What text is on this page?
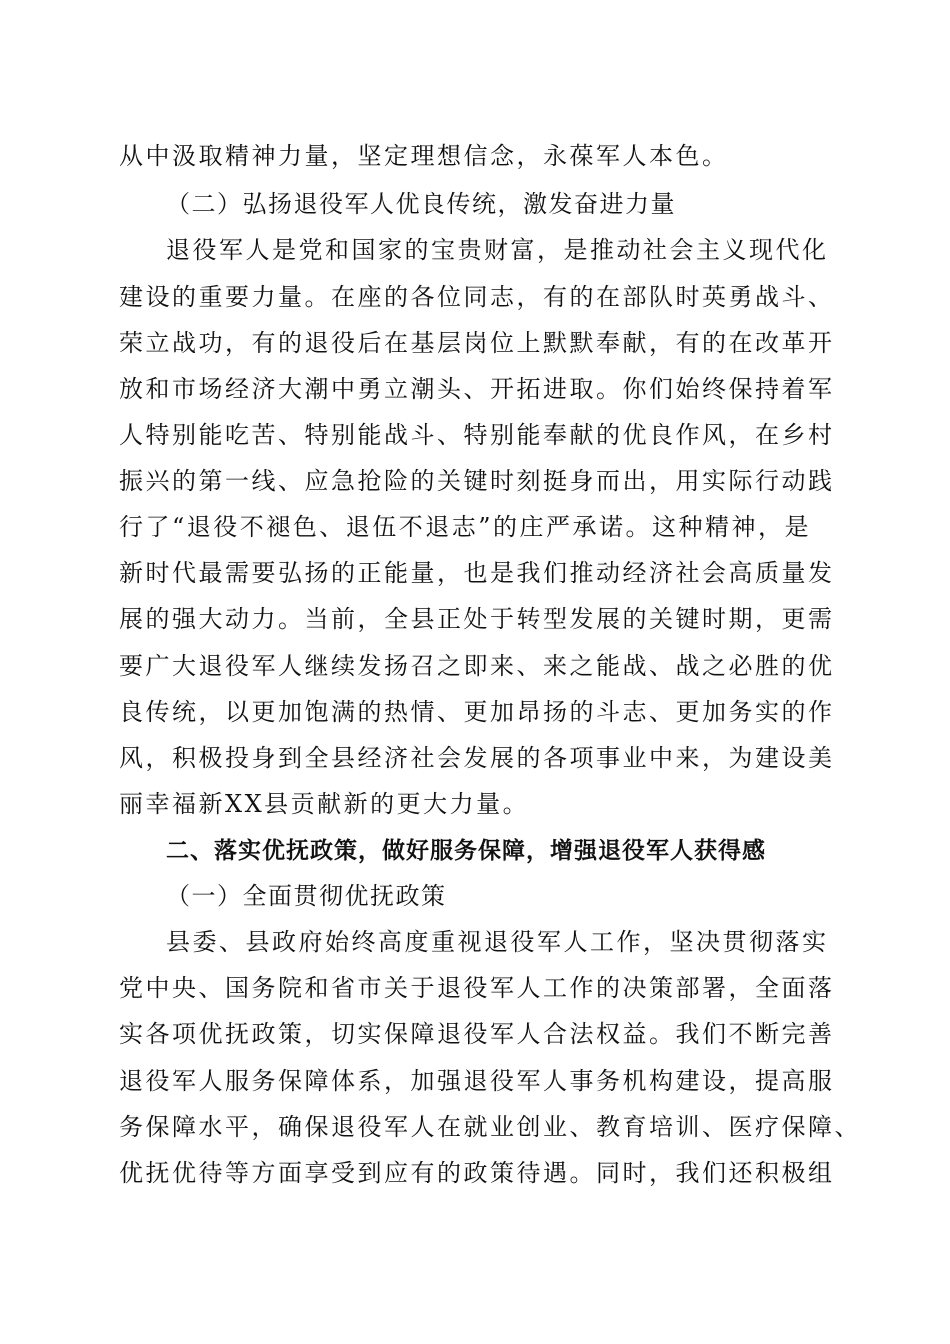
从中汲取精神力量，坚定理想信念，永葆军人本色。
（二）弘扬退役军人优良传统，激发奋进力量
退役军人是党和国家的宝贵财富，是推动社会主义现代化
建设的重要力量。在座的各位同志，有的在部队时英勇战斗、
荣立战功，有的退役后在基层岗位上默默奉献，有的在改革开
放和市场经济大潮中勇立潮头、开拓进取。你们始终保持着军
人特别能吃苦、特别能战斗、特别能奉献的优良作风，在乡村
振兴的第一线、应急抢险的关键时刻挺身而出，用实际行动践
行了“退役不褪色、退伍不退志”的庄严承诺。这种精神，是
新时代最需要弘扬的正能量，也是我们推动经济社会高质量发
展的强大动力。当前，全县正处于转型发展的关键时期，更需
要广大退役军人继续发扬召之即来、来之能战、战之必胜的优
良传统，以更加饱满的热情、更加昂扬的斗志、更加务实的作
风，积极投身到全县经济社会发展的各项事业中来，为建设美
丽幸福新XX县贡献新的更大力量。
二、落实优抚政策，做好服务保障，增强退役军人获得感
（一）全面贯彻优抚政策
县委、县政府始终高度重视退役军人工作，坚决贯彻落实
党中央、国务院和省市关于退役军人工作的决策部署，全面落
实各项优抚政策，切实保障退役军人合法权益。我们不断完善
退役军人服务保障体系，加强退役军人事务机构建设，提高服
务保障水平，确保退役军人在就业创业、教育培训、医疗保障、
优抚优待等方面享受到应有的政策待遇。同时，我们还积极组
